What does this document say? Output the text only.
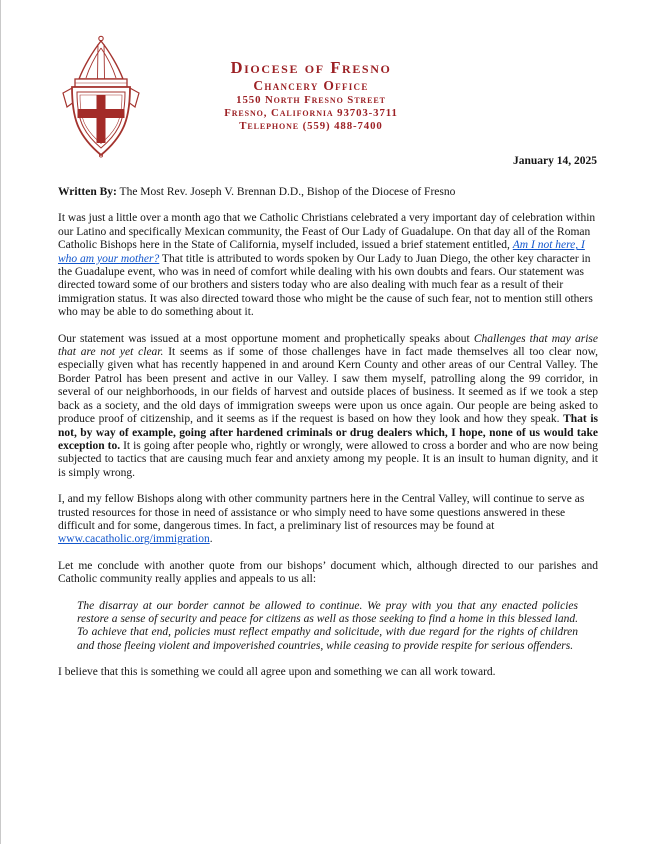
Diocese of Fresno
Chancery Office
1550 North Fresno Street
Fresno, California 93703-3711
Telephone (559) 488-7400
January 14, 2025

Written By: The Most Rev. Joseph V. Brennan D.D., Bishop of the Diocese of Fresno

It was just a little over a month ago that we Catholic Christians celebrated a very important day of celebration within our Latino and specifically Mexican community, the Feast of Our Lady of Guadalupe. On that day all of the Roman Catholic Bishops here in the State of California, myself included, issued a brief statement entitled, Am I not here, I who am your mother? That title is attributed to words spoken by Our Lady to Juan Diego, the other key character in the Guadalupe event, who was in need of comfort while dealing with his own doubts and fears. Our statement was directed toward some of our brothers and sisters today who are also dealing with much fear as a result of their immigration status. It was also directed toward those who might be the cause of such fear, not to mention still others who may be able to do something about it.

Our statement was issued at a most opportune moment and prophetically speaks about Challenges that may arise that are not yet clear. It seems as if some of those challenges have in fact made themselves all too clear now, especially given what has recently happened in and around Kern County and other areas of our Central Valley. The Border Patrol has been present and active in our Valley. I saw them myself, patrolling along the 99 corridor, in several of our neighborhoods, in our fields of harvest and outside places of business. It seemed as if we took a step back as a society, and the old days of immigration sweeps were upon us once again. Our people are being asked to produce proof of citizenship, and it seems as if the request is based on how they look and how they speak. That is not, by way of example, going after hardened criminals or drug dealers which, I hope, none of us would take exception to. It is going after people who, rightly or wrongly, were allowed to cross a border and who are now being subjected to tactics that are causing much fear and anxiety among my people. It is an insult to human dignity, and it is simply wrong.

I, and my fellow Bishops along with other community partners here in the Central Valley, will continue to serve as trusted resources for those in need of assistance or who simply need to have some questions answered in these difficult and for some, dangerous times. In fact, a preliminary list of resources may be found at www.cacatholic.org/immigration.

Let me conclude with another quote from our bishops’ document which, although directed to our parishes and Catholic community really applies and appeals to us all:

The disarray at our border cannot be allowed to continue. We pray with you that any enacted policies restore a sense of security and peace for citizens as well as those seeking to find a home in this blessed land. To achieve that end, policies must reflect empathy and solicitude, with due regard for the rights of children and those fleeing violent and impoverished countries, while ceasing to provide respite for serious offenders.

I believe that this is something we could all agree upon and something we can all work toward.
